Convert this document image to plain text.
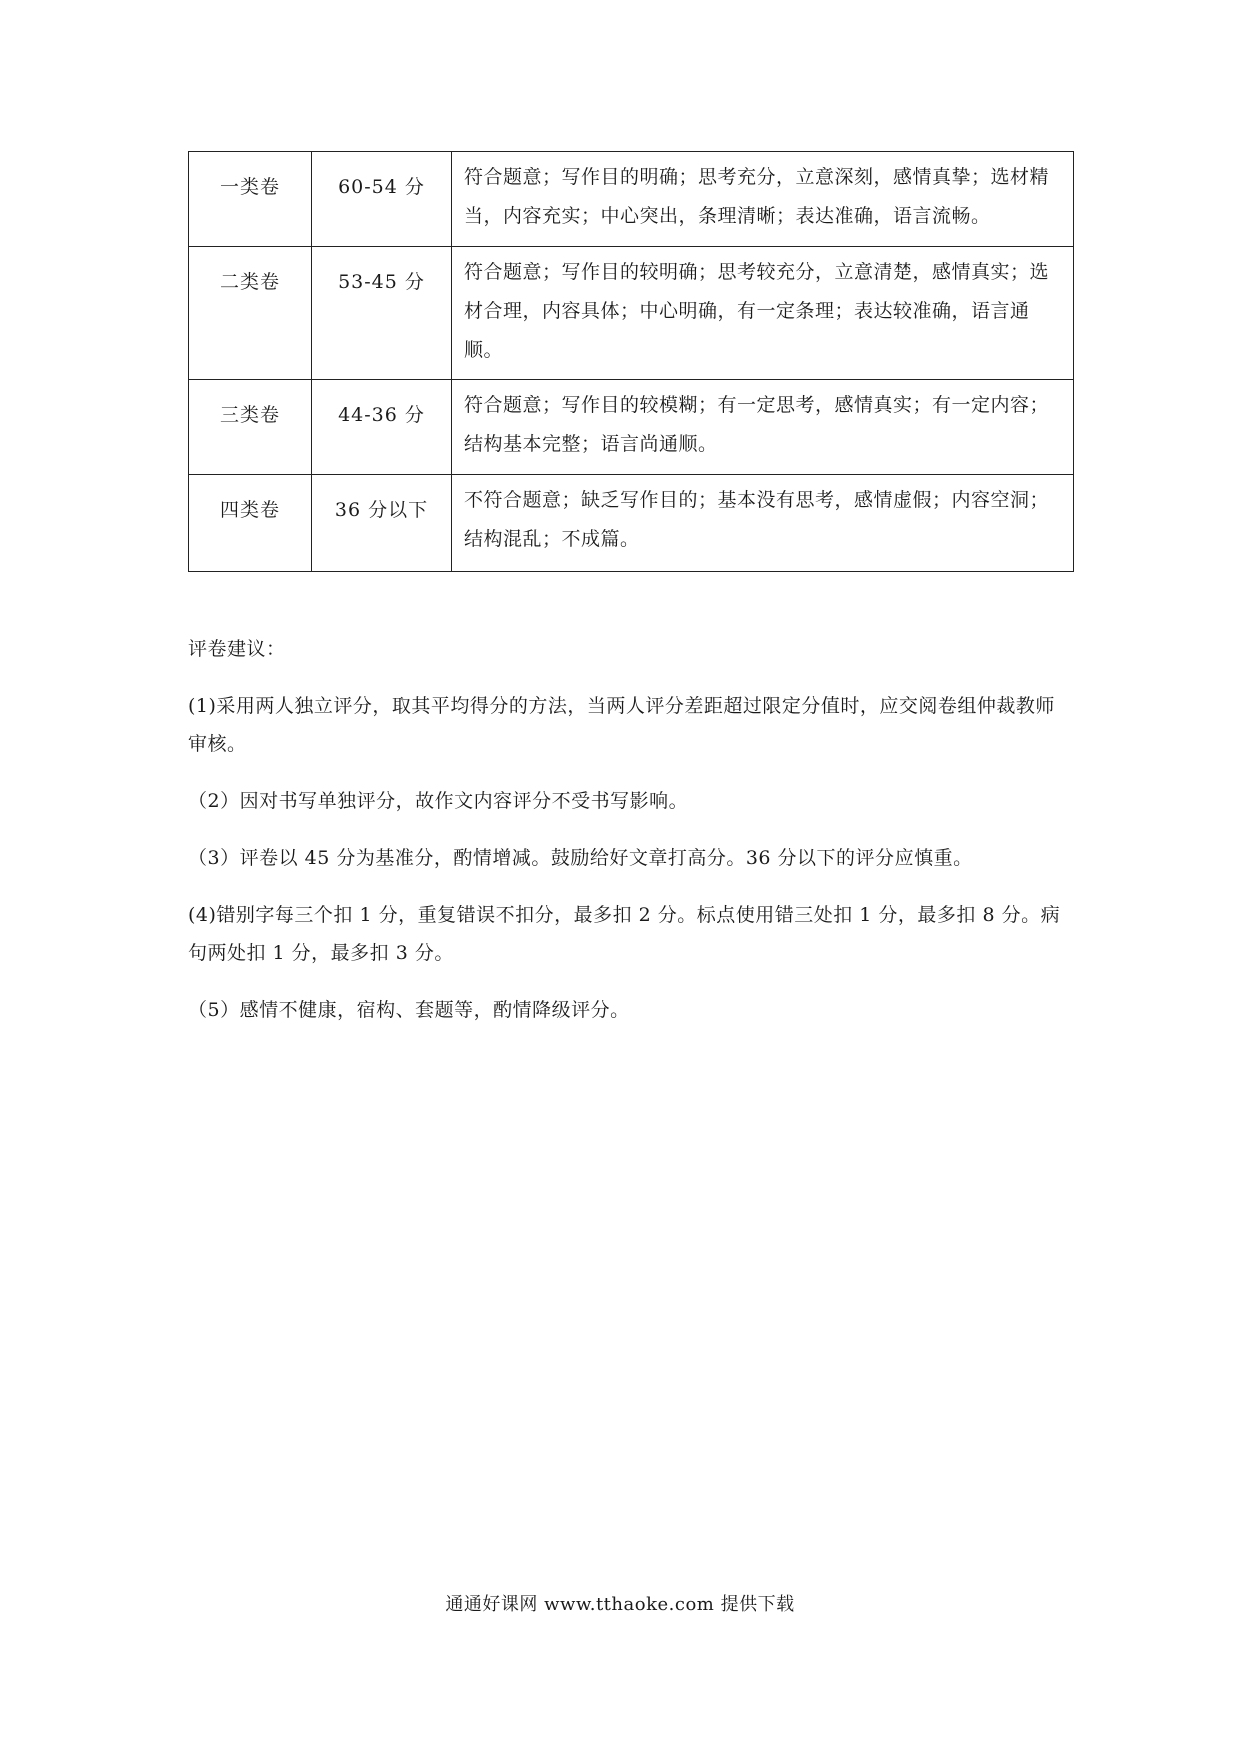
一类卷	60-54 分	符合题意；写作目的明确；思考充分，立意深刻，感情真挚；选材精当，内容充实；中心突出，条理清晰；表达准确，语言流畅。
二类卷	53-45 分	符合题意；写作目的较明确；思考较充分，立意清楚，感情真实；选材合理，内容具体；中心明确，有一定条理；表达较准确，语言通顺。
三类卷	44-36 分	符合题意；写作目的较模糊；有一定思考，感情真实；有一定内容；结构基本完整；语言尚通顺。
四类卷	36 分以下	不符合题意；缺乏写作目的；基本没有思考，感情虚假；内容空洞；结构混乱；不成篇。

评卷建议：

(1)采用两人独立评分，取其平均得分的方法，当两人评分差距超过限定分值时，应交阅卷组仲裁教师审核。

（2）因对书写单独评分，故作文内容评分不受书写影响。

（3）评卷以 45 分为基准分，酌情增减。鼓励给好文章打高分。36 分以下的评分应慎重。

(4)错别字每三个扣 1 分，重复错误不扣分，最多扣 2 分。标点使用错三处扣 1 分，最多扣 8 分。病句两处扣 1 分，最多扣 3 分。

（5）感情不健康，宿构、套题等，酌情降级评分。

通通好课网 www.tthaoke.com 提供下载
